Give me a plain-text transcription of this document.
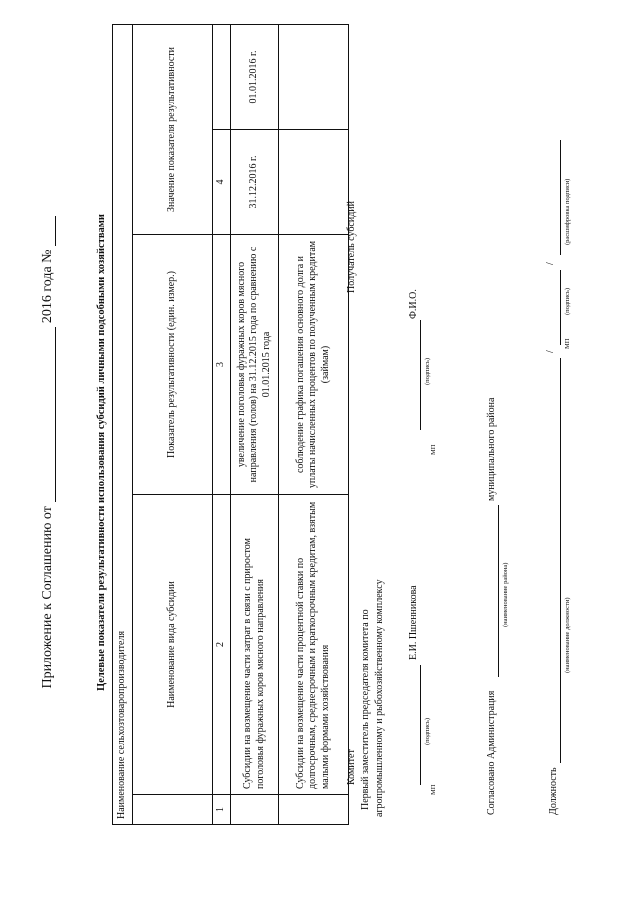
Приложение к Соглашению от2016 года №	Целевые показатели результативности использования субсидий личными подсобными хозяйствами
Наименование сельхозтоваропроизводителя				
	Наименование вида субсидии	Показатель результативности (един. измер.)	Значение показателя результативности	
1	2	3	4	
	Субсидии на возмещение части затрат в связи с приростом поголовья фуражных коров мясного направления	увеличение поголовья фуражных коров мясного направления (голов) на 31.12.2015 года по сравнению с 01.01.2015 года	31.12.2016 г.	01.01.2016 г.
	Субсидии на возмещение части процентной ставки по долгосрочным, среднесрочным и краткосрочным кредитам, взятым малыми формами хозяйствования	соблюдение графика погашения основного долга и уплаты начисленных процентов по полученным кредитам (займам)		
Комитет Первый заместитель председателя комитета по агропромышленному и рыбохозяйственному комплексу Е.И. Пшенникова
(подпись)
МП
Получатель субсидий
Ф.И.О.
(подпись)
МП
Согласовано Администрация
муниципального района
(наименование района)
Должность
(наименование должности)
/
МП
(подпись)
/
(расшифровка подписи)
